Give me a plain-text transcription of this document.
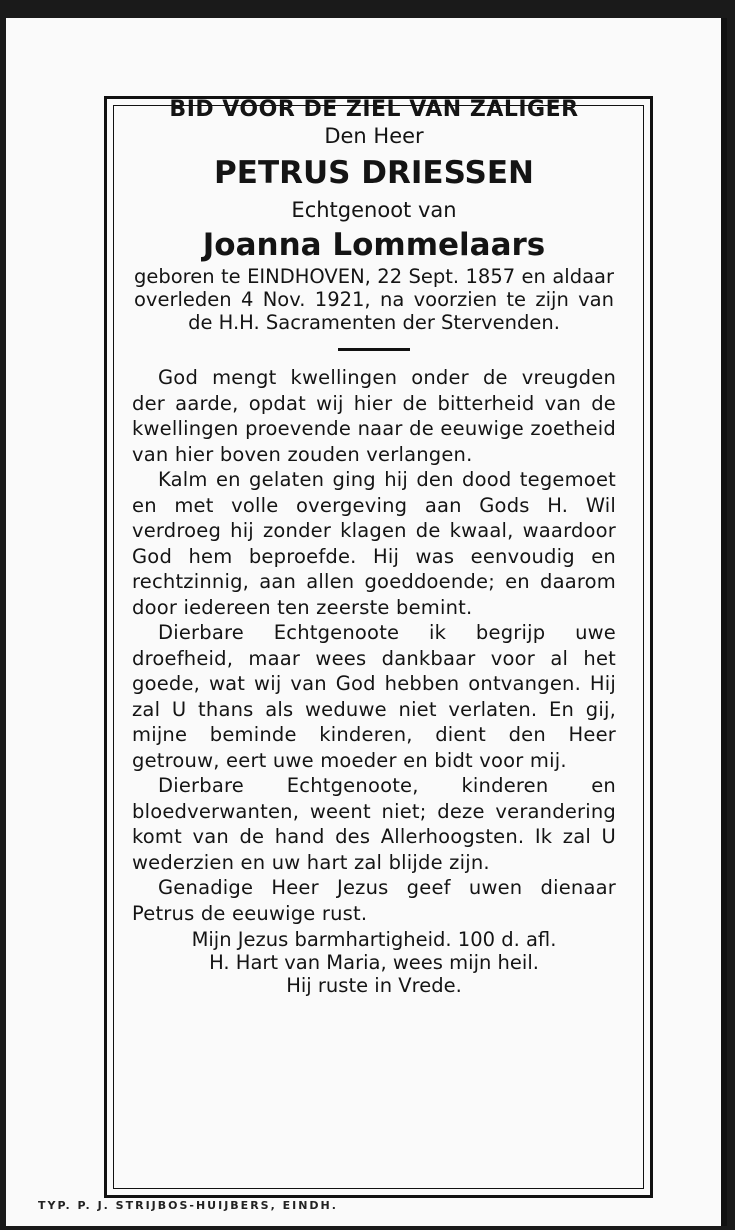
BID VOOR DE ZIEL VAN ZALIGER
Den Heer
PETRUS DRIESSEN
Echtgenoot van
Joanna Lommelaars
geboren te EINDHOVEN, 22 Sept. 1857 en aldaar overleden 4 Nov. 1921, na voorzien te zijn van de H.H. Sacramenten der Stervenden.

God mengt kwellingen onder de vreugden der aarde, opdat wij hier de bitterheid van de kwellingen proevende naar de eeuwige zoetheid van hier boven zouden verlangen.

Kalm en gelaten ging hij den dood tegemoet en met volle overgeving aan Gods H. Wil verdroeg hij zonder klagen de kwaal, waardoor God hem beproefde. Hij was eenvoudig en rechtzinnig, aan allen goeddoende; en daarom door iedereen ten zeerste bemint.

Dierbare Echtgenoote ik begrijp uwe droefheid, maar wees dankbaar voor al het goede, wat wij van God hebben ontvangen. Hij zal U thans als weduwe niet verlaten. En gij, mijne beminde kinderen, dient den Heer getrouw, eert uwe moeder en bidt voor mij.

Dierbare Echtgenoote, kinderen en bloedverwanten, weent niet; deze verandering komt van de hand des Allerhoogsten. Ik zal U wederzien en uw hart zal blijde zijn.

Genadige Heer Jezus geef uwen dienaar Petrus de eeuwige rust.

Mijn Jezus barmhartigheid. 100 d. afl.

H. Hart van Maria, wees mijn heil.

Hij ruste in Vrede.

TYP. P. J. STRIJBOS-HUIJBERS, EINDH.
